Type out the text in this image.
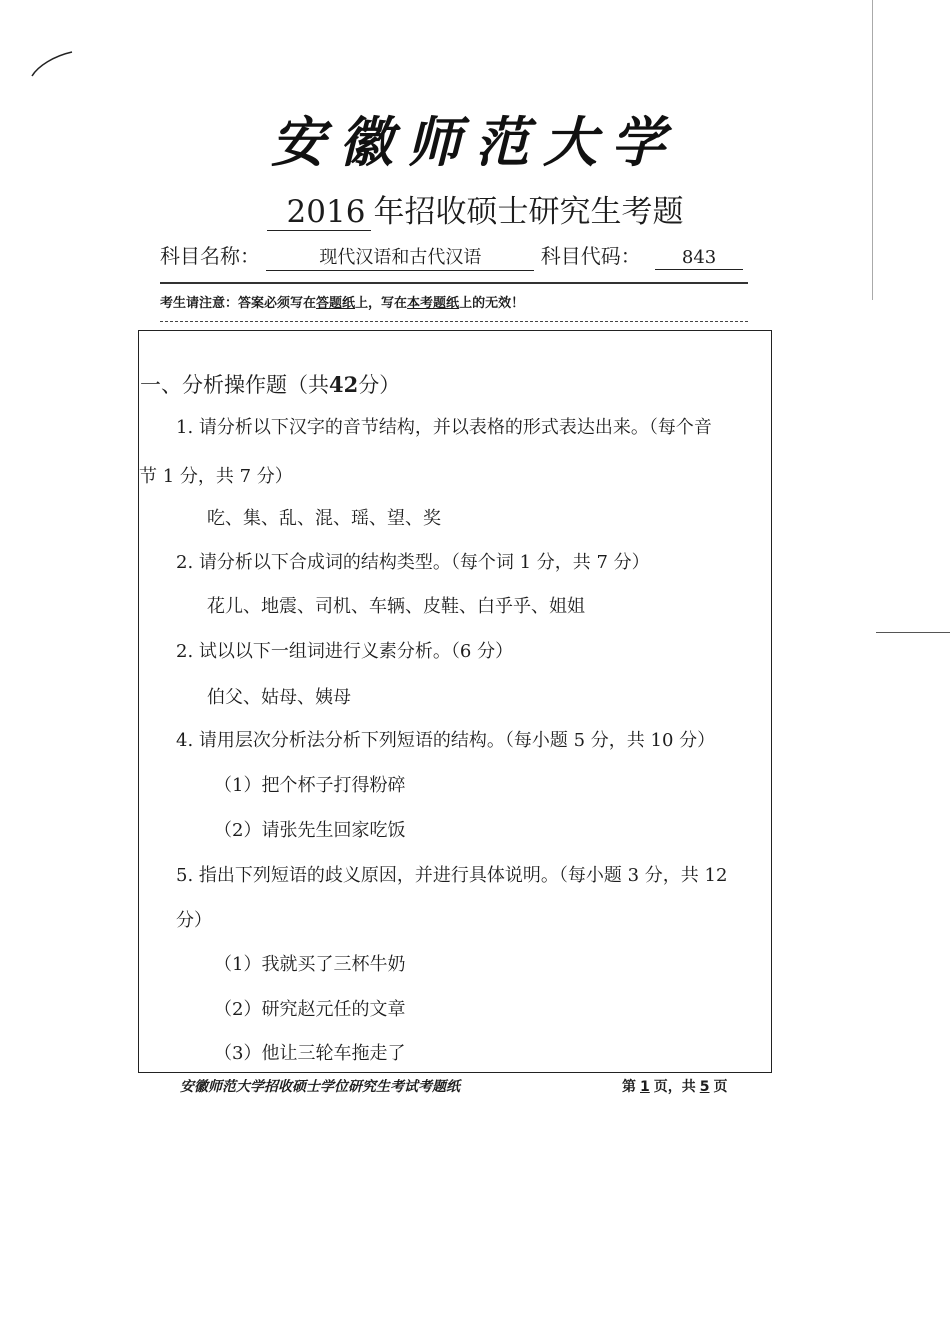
安徽师范大学
2016 年招收硕士研究生考题
科目名称：	现代汉语和古代汉语	科目代码： 843
考生请注意：答案必须写在答题纸上，写在本考题纸上的无效！
一、分析操作题（共42分）
1. 请分析以下汉字的音节结构，并以表格的形式表达出来。（每个音
节 1 分，共 7 分）
吃、集、乱、混、瑶、望、奖
2. 请分析以下合成词的结构类型。（每个词 1 分，共 7 分）
花儿、地震、司机、车辆、皮鞋、白乎乎、姐姐
2. 试以以下一组词进行义素分析。（6 分）
伯父、姑母、姨母
4. 请用层次分析法分析下列短语的结构。（每小题 5 分，共 10 分）
（1）把个杯子打得粉碎
（2）请张先生回家吃饭
5. 指出下列短语的歧义原因，并进行具体说明。（每小题 3 分，共 12
分）
（1）我就买了三杯牛奶
（2）研究赵元任的文章
（3）他让三轮车拖走了
安徽师范大学招收硕士学位研究生考试考题纸	第 1 页，共 5 页
